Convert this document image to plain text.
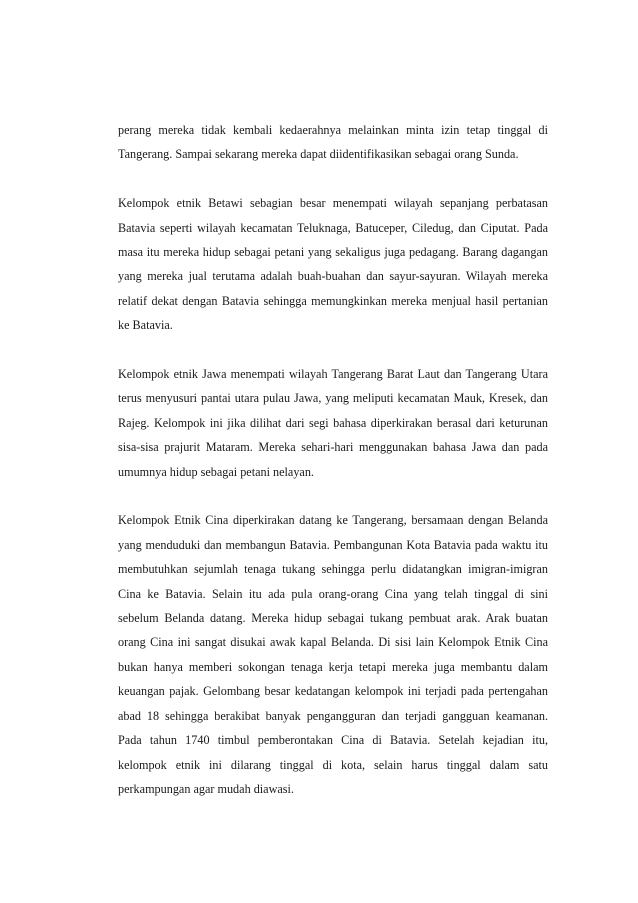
perang mereka tidak kembali kedaerahnya melainkan minta izin tetap tinggal di Tangerang. Sampai sekarang mereka dapat diidentifikasikan sebagai orang Sunda.

Kelompok etnik Betawi sebagian besar menempati wilayah sepanjang perbatasan Batavia seperti wilayah kecamatan Teluknaga, Batuceper, Ciledug, dan Ciputat. Pada masa itu mereka hidup sebagai petani yang sekaligus juga pedagang. Barang dagangan yang mereka jual terutama adalah buah-buahan dan sayur-sayuran. Wilayah mereka relatif dekat dengan Batavia sehingga memungkinkan mereka menjual hasil pertanian ke Batavia.

Kelompok etnik Jawa menempati wilayah Tangerang Barat Laut dan Tangerang Utara terus menyusuri pantai utara pulau Jawa, yang meliputi kecamatan Mauk, Kresek, dan Rajeg. Kelompok ini jika dilihat dari segi bahasa diperkirakan berasal dari keturunan sisa-sisa prajurit Mataram. Mereka sehari-hari menggunakan bahasa Jawa dan pada umumnya hidup sebagai petani nelayan.

Kelompok Etnik Cina diperkirakan datang ke Tangerang, bersamaan dengan Belanda yang menduduki dan membangun Batavia. Pembangunan Kota Batavia pada waktu itu membutuhkan sejumlah tenaga tukang sehingga perlu didatangkan imigran-imigran Cina ke Batavia. Selain itu ada pula orang-orang Cina yang telah tinggal di sini sebelum Belanda datang. Mereka hidup sebagai tukang pembuat arak. Arak buatan orang Cina ini sangat disukai awak kapal Belanda. Di sisi lain Kelompok Etnik Cina bukan hanya memberi sokongan tenaga kerja tetapi mereka juga membantu dalam keuangan pajak. Gelombang besar kedatangan kelompok ini terjadi pada pertengahan abad 18 sehingga berakibat banyak pengangguran dan terjadi gangguan keamanan. Pada tahun 1740 timbul pemberontakan Cina di Batavia. Setelah kejadian itu, kelompok etnik ini dilarang tinggal di kota, selain harus tinggal dalam satu perkampungan agar mudah diawasi.
